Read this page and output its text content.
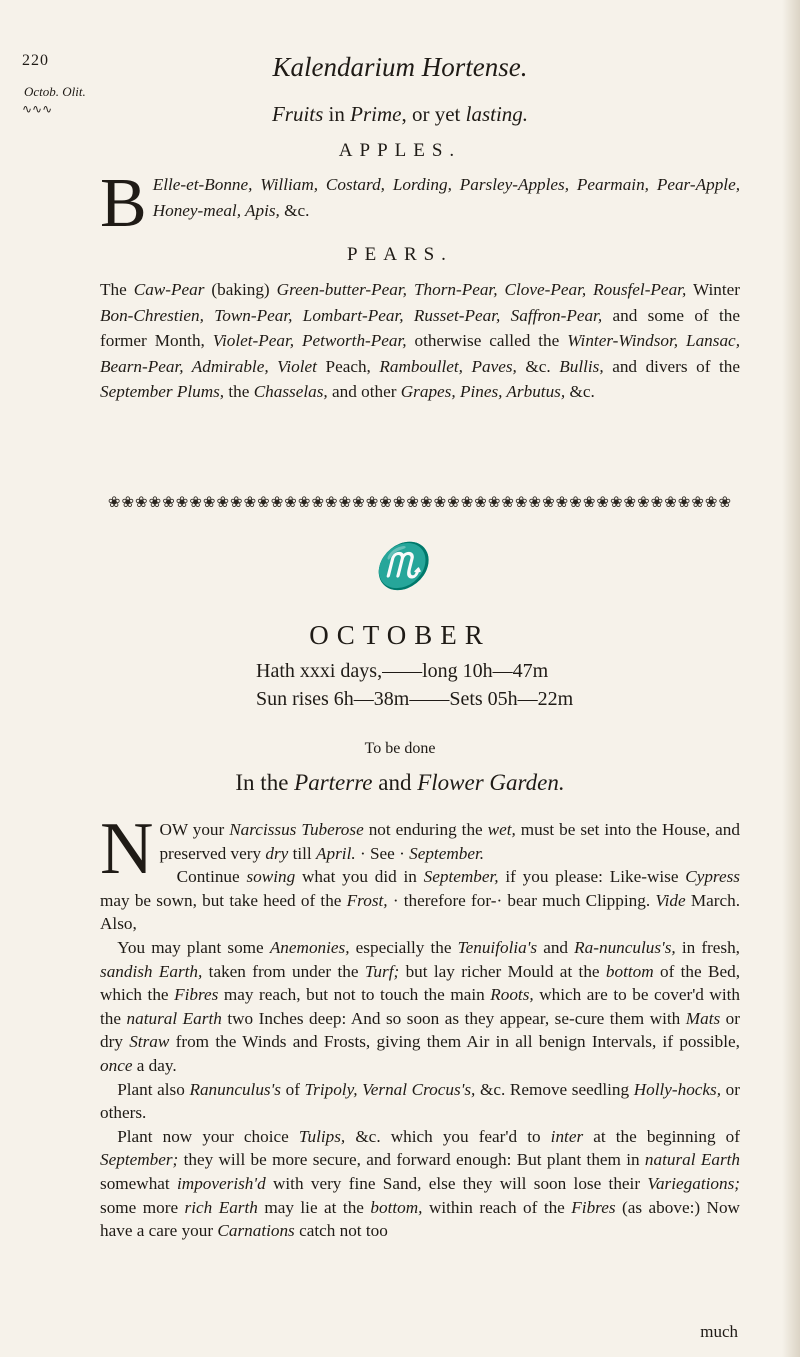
220
Octob. Olit.
∿∿∿
Kalendarium Hortense.
Fruits in Prime, or yet lasting.
APPLES.
B Elle-et-Bonne, William, Costard, Lording, Parsley-Apples, Pearmain, Pear-Apple, Honey-meal, Apis, &c.
PEARS.
The Caw-Pear (baking) Green-butter-Pear, Thorn-Pear, Clove-Pear, Rousfel-Pear, Winter Bon-Chrestien, Town-Pear, Lombart-Pear, Russet-Pear, Saffron-Pear, and some of the former Month, Violet-Pear, Petworth-Pear, otherwise called the Winter-Windsor, Lansac, Bearn-Pear, Admirable, Violet Peach, Ramboullet, Paves, &c. Bullis, and divers of the September Plums, the Chasselas, and other Grapes, Pines, Arbutus, &c.
❀❀❀❀❀❀❀❀❀❀❀❀❀❀❀❀❀❀❀❀❀❀❀❀❀❀❀❀❀❀❀❀❀❀❀❀❀❀❀❀❀❀❀❀❀❀
♏
OCTOBER
Hath xxxi days,——long 10h—47m
Sun rises 6h—38m——Sets 05h—22m
To be done
In the Parterre and Flower Garden.
N OW your Narcissus Tuberose not enduring the wet, must be set into the House, and preserved very dry till April. · See · September.
 Continue sowing what you did in September, if you please: Like-wise Cypress may be sown, but take heed of the Frost, · therefore for-· bear much Clipping. Vide March. Also,
 You may plant some Anemonies, especially the Tenuifolia's and Ra-nunculus's, in fresh, sandish Earth, taken from under the Turf; but lay richer Mould at the bottom of the Bed, which the Fibres may reach, but not to touch the main Roots, which are to be cover'd with the natural Earth two Inches deep: And so soon as they appear, se-cure them with Mats or dry Straw from the Winds and Frosts, giving them Air in all benign Intervals, if possible, once a day.
 Plant also Ranunculus's of Tripoly, Vernal Crocus's, &c. Remove seedling Holly-hocks, or others.
 Plant now your choice Tulips, &c. which you fear'd to inter at the beginning of September; they will be more secure, and forward enough: But plant them in natural Earth somewhat impoverish'd with very fine Sand, else they will soon lose their Variegations; some more rich Earth may lie at the bottom, within reach of the Fibres (as above:) Now have a care your Carnations catch not too
much
